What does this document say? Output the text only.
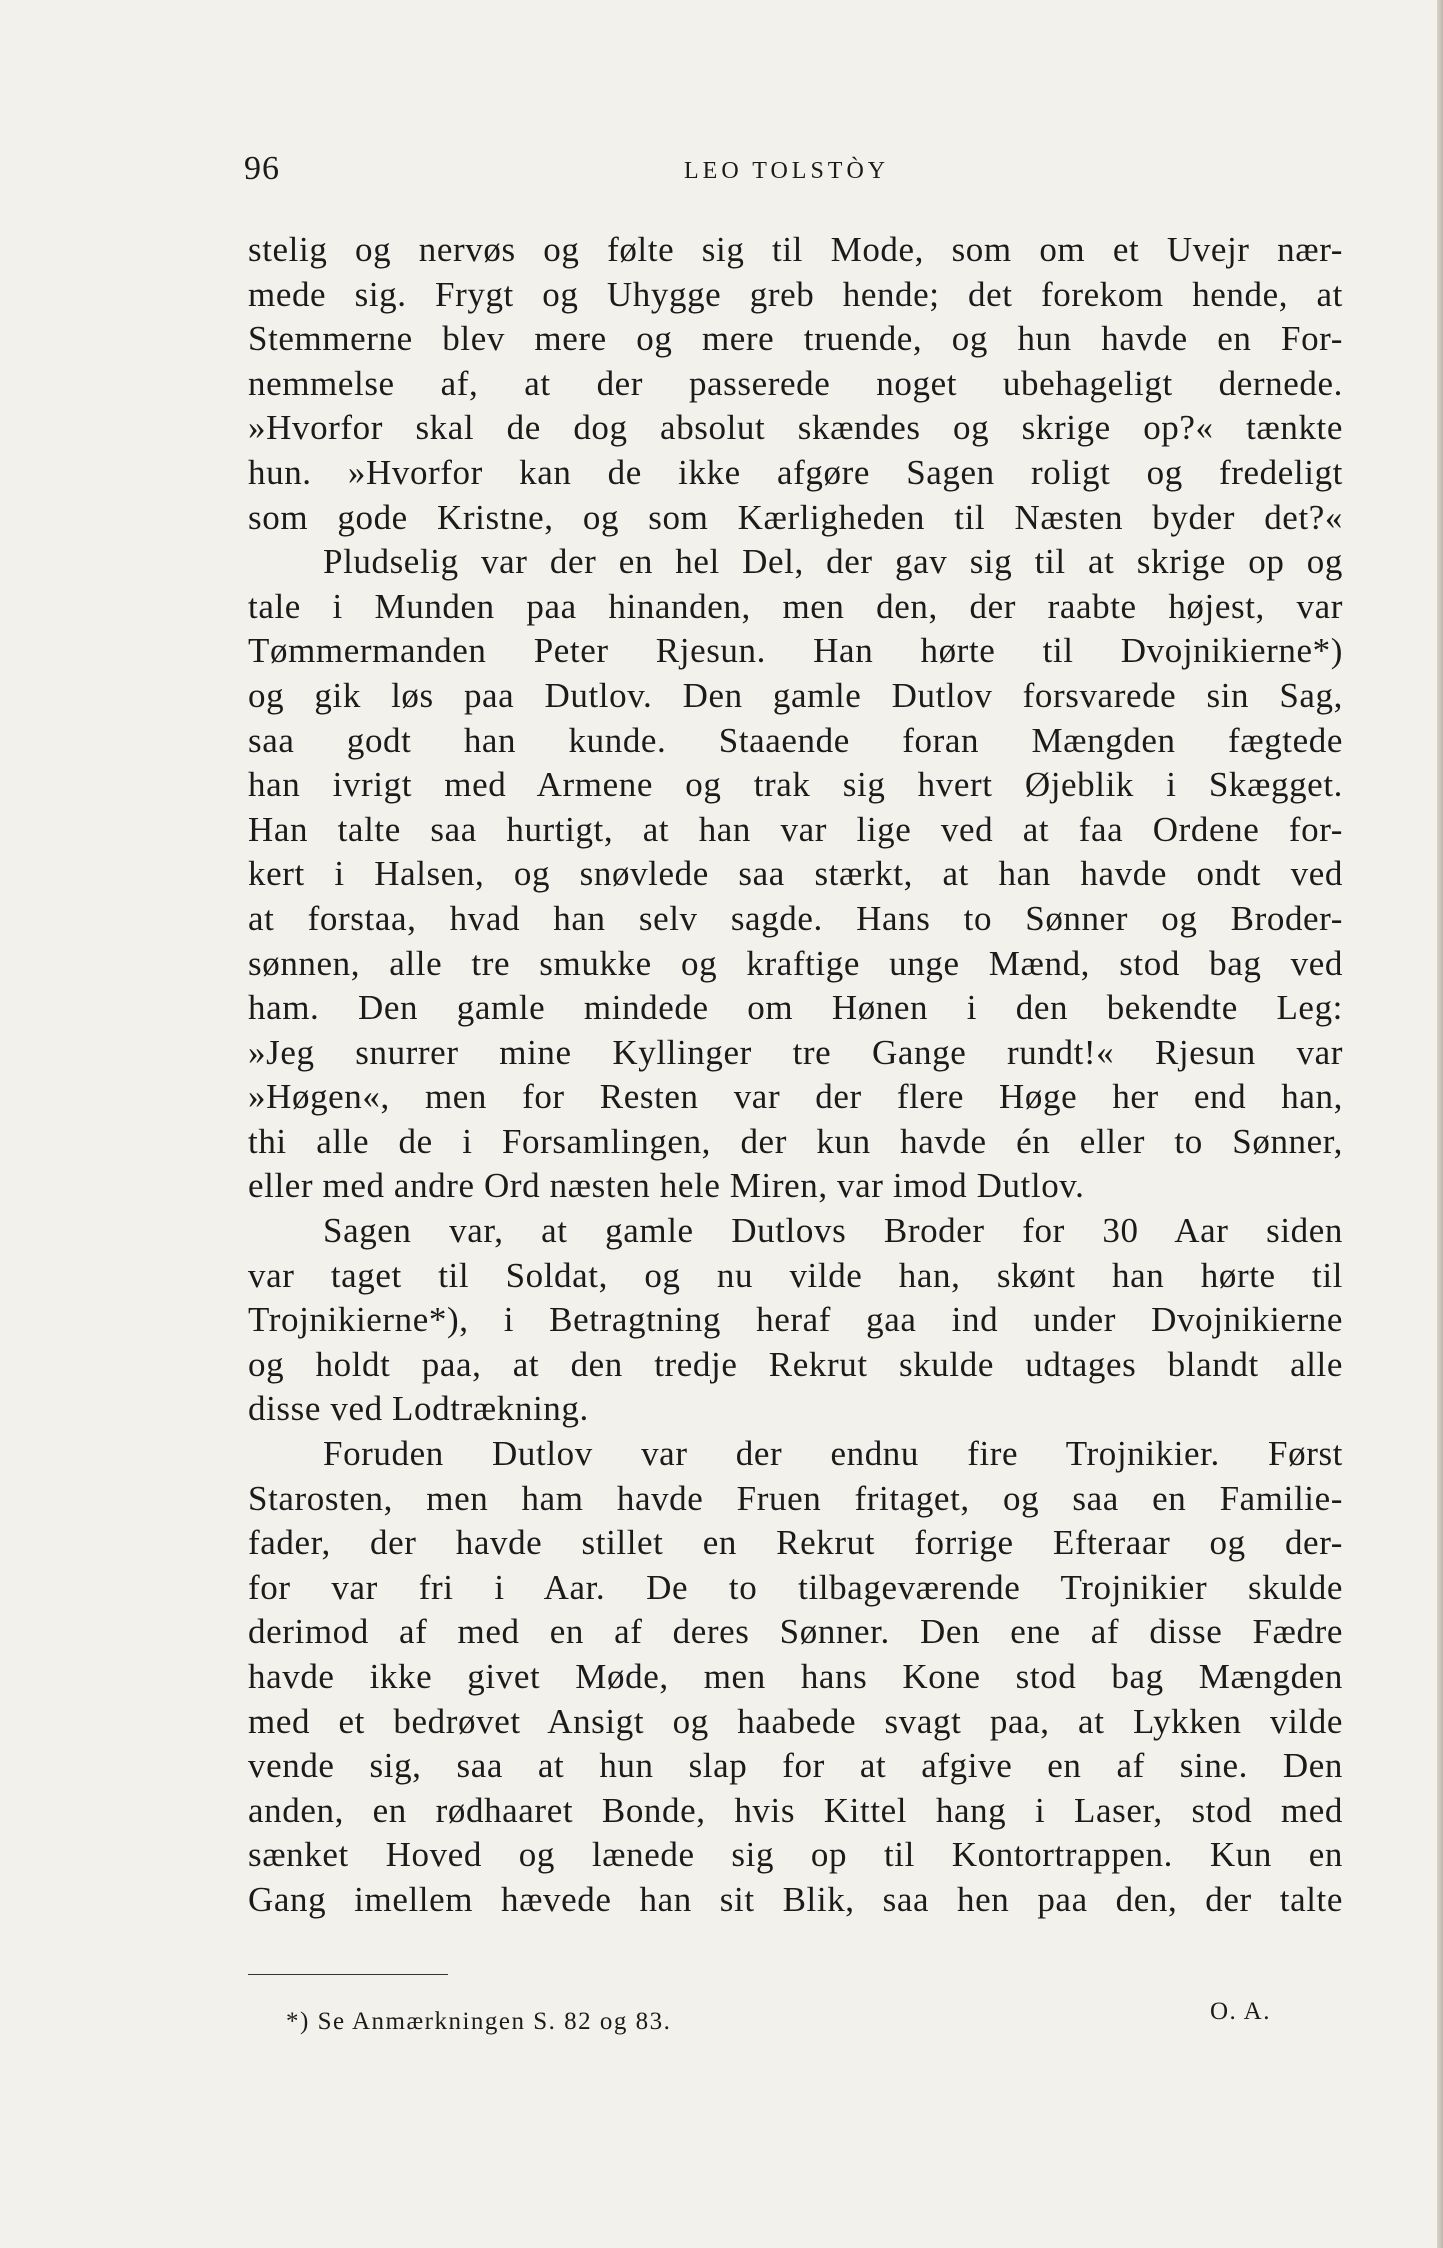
96	LEO TOLSTÒY
stelig og nervøs og følte sig til Mode, som om et Uvejr nær-
mede sig. Frygt og Uhygge greb hende; det forekom hende, at
Stemmerne blev mere og mere truende, og hun havde en For-
nemmelse af, at der passerede noget ubehageligt dernede.
»Hvorfor skal de dog absolut skændes og skrige op?« tænkte
hun. »Hvorfor kan de ikke afgøre Sagen roligt og fredeligt
som gode Kristne, og som Kærligheden til Næsten byder det?«
Pludselig var der en hel Del, der gav sig til at skrige op og
tale i Munden paa hinanden, men den, der raabte højest, var
Tømmermanden Peter Rjesun. Han hørte til Dvojnikierne*)
og gik løs paa Dutlov. Den gamle Dutlov forsvarede sin Sag,
saa godt han kunde. Staaende foran Mængden fægtede
han ivrigt med Armene og trak sig hvert Øjeblik i Skægget.
Han talte saa hurtigt, at han var lige ved at faa Ordene for-
kert i Halsen, og snøvlede saa stærkt, at han havde ondt ved
at forstaa, hvad han selv sagde. Hans to Sønner og Broder-
sønnen, alle tre smukke og kraftige unge Mænd, stod bag ved
ham. Den gamle mindede om Hønen i den bekendte Leg:
»Jeg snurrer mine Kyllinger tre Gange rundt!« Rjesun var
»Høgen«, men for Resten var der flere Høge her end han,
thi alle de i Forsamlingen, der kun havde én eller to Sønner,
eller med andre Ord næsten hele Miren, var imod Dutlov.
Sagen var, at gamle Dutlovs Broder for 30 Aar siden
var taget til Soldat, og nu vilde han, skønt han hørte til
Trojnikierne*), i Betragtning heraf gaa ind under Dvojnikierne
og holdt paa, at den tredje Rekrut skulde udtages blandt alle
disse ved Lodtrækning.
Foruden Dutlov var der endnu fire Trojnikier. Først
Starosten, men ham havde Fruen fritaget, og saa en Familie-
fader, der havde stillet en Rekrut forrige Efteraar og der-
for var fri i Aar. De to tilbageværende Trojnikier skulde
derimod af med en af deres Sønner. Den ene af disse Fædre
havde ikke givet Møde, men hans Kone stod bag Mængden
med et bedrøvet Ansigt og haabede svagt paa, at Lykken vilde
vende sig, saa at hun slap for at afgive en af sine. Den
anden, en rødhaaret Bonde, hvis Kittel hang i Laser, stod med
sænket Hoved og lænede sig op til Kontortrappen. Kun en
Gang imellem hævede han sit Blik, saa hen paa den, der talte
*) Se Anmærkningen S. 82 og 83.	O. A.
